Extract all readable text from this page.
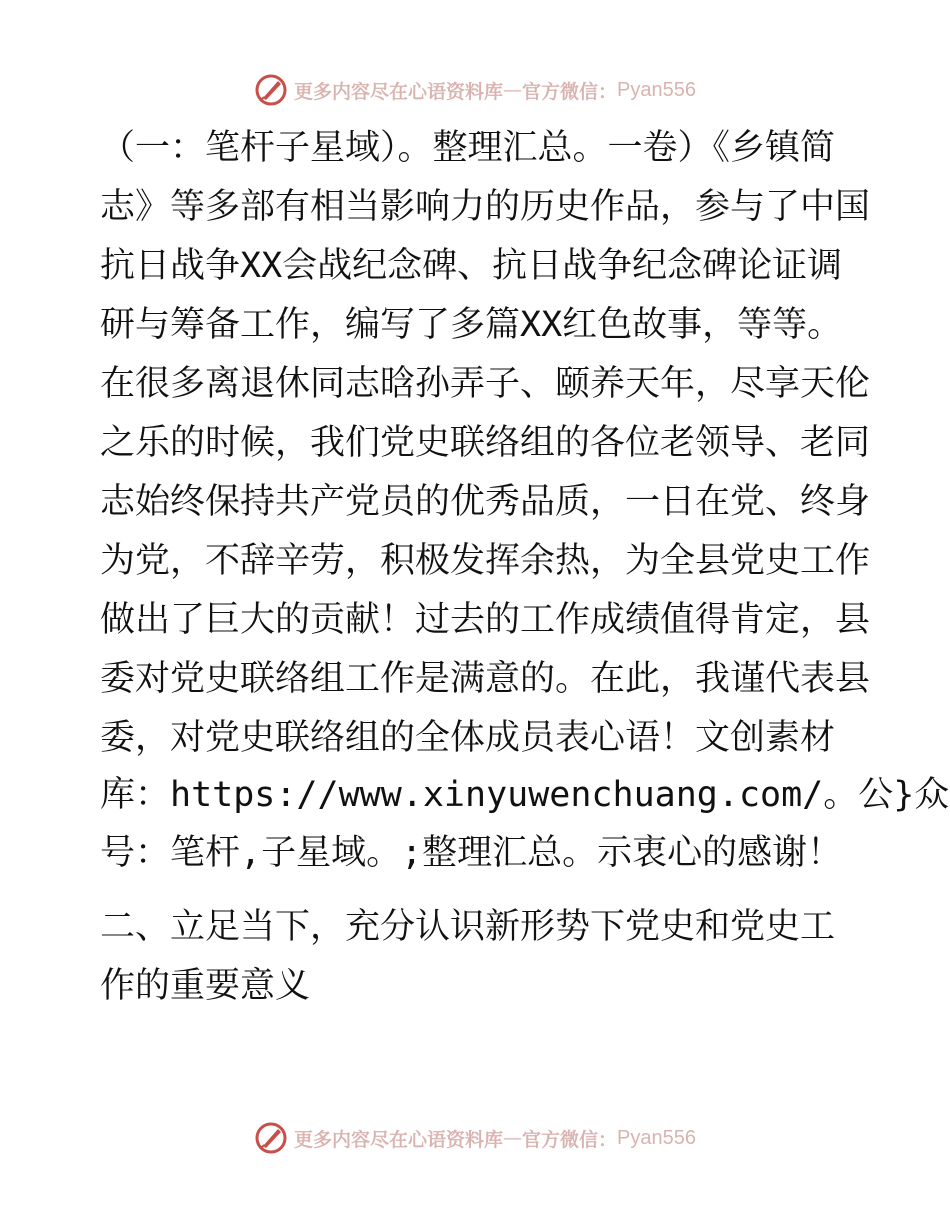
更多内容尽在心语资料库 — 官方微信： Pyan556
（一：笔杆子星域）。整理汇总。一卷）《乡镇简
志》等多部有相当影响力的历史作品，参与了中国
抗日战争XX会战纪念碑、抗日战争纪念碑论证调
研与筹备工作，编写了多篇XX红色故事，等等。
在很多离退休同志晗孙弄子、颐养天年，尽享天伦
之乐的时候，我们党史联络组的各位老领导、老同
志始终保持共产党员的优秀品质，一日在党、终身
为党，不辞辛劳，积极发挥余热，为全县党史工作
做出了巨大的贡献！过去的工作成绩值得肯定，县
委对党史联络组工作是满意的。在此，我谨代表县
委，对党史联络组的全体成员表心语！文创素材
库：https://www.xinyuwenchuang.com/。公}众
号：笔杆,子星域。;整理汇总。示衷心的感谢！
二、立足当下，充分认识新形势下党史和党史工
作的重要意义
更多内容尽在心语资料库 — 官方微信： Pyan556
